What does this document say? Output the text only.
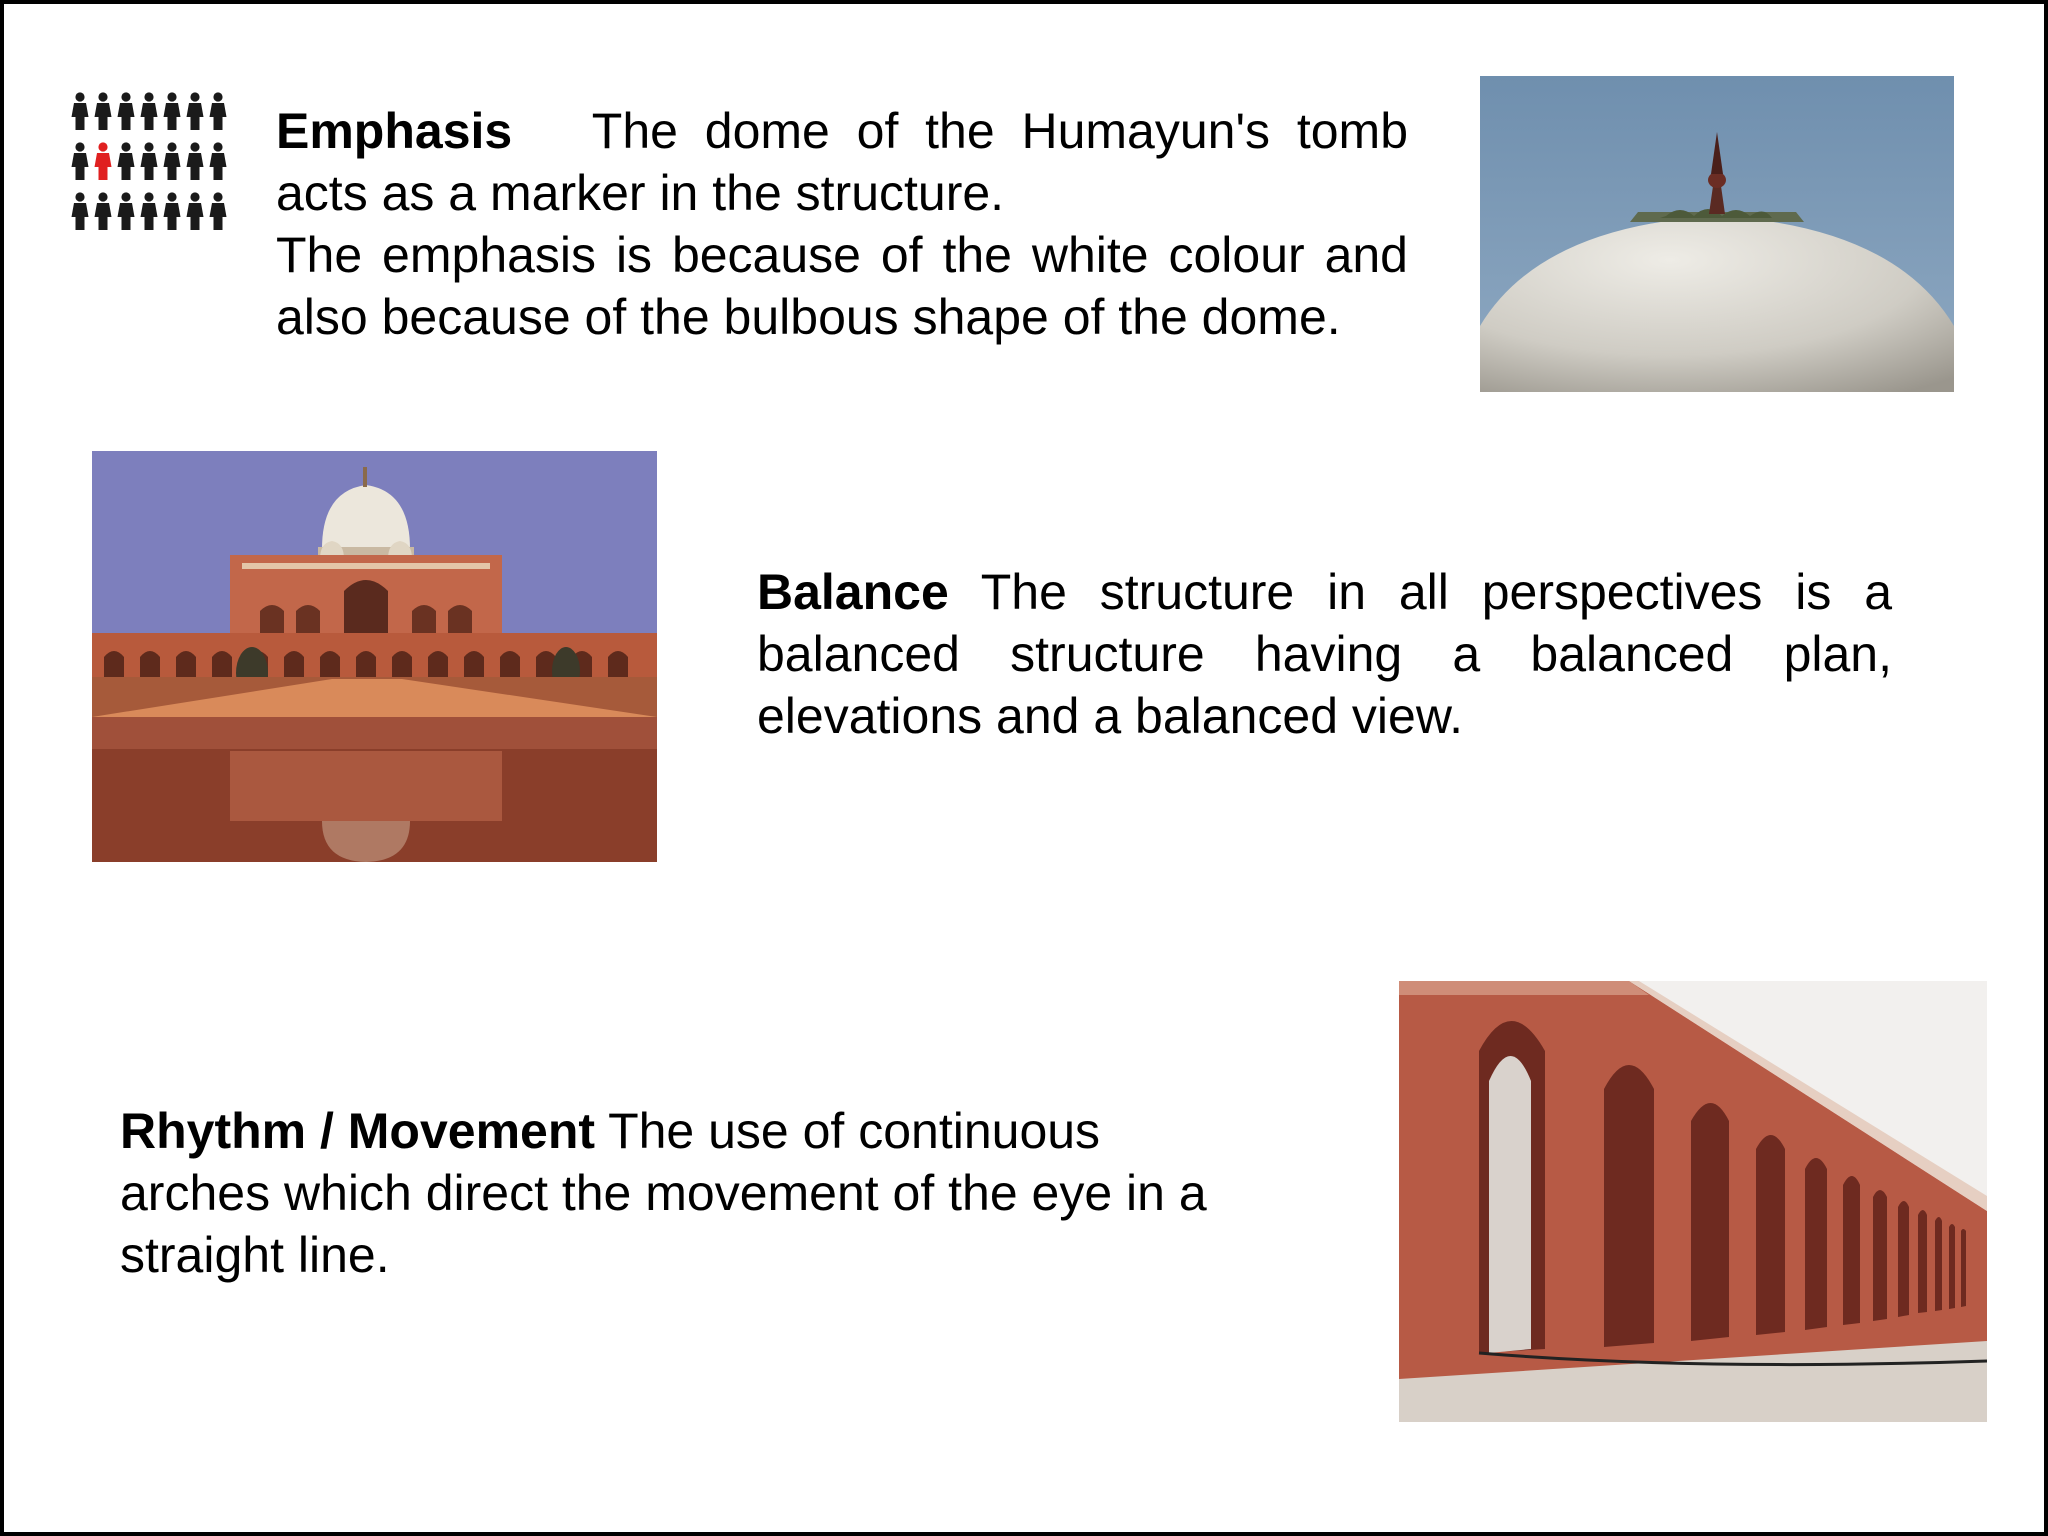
Emphasis The dome of the Humayun's tomb acts as a marker in the structure.
The emphasis is because of the white colour and also because of the bulbous shape of the dome.
Balance The structure in all perspectives is a balanced structure having a balanced plan, elevations and a balanced view.
Rhythm / Movement The use of continuous arches which direct the movement of the eye in a straight line.
